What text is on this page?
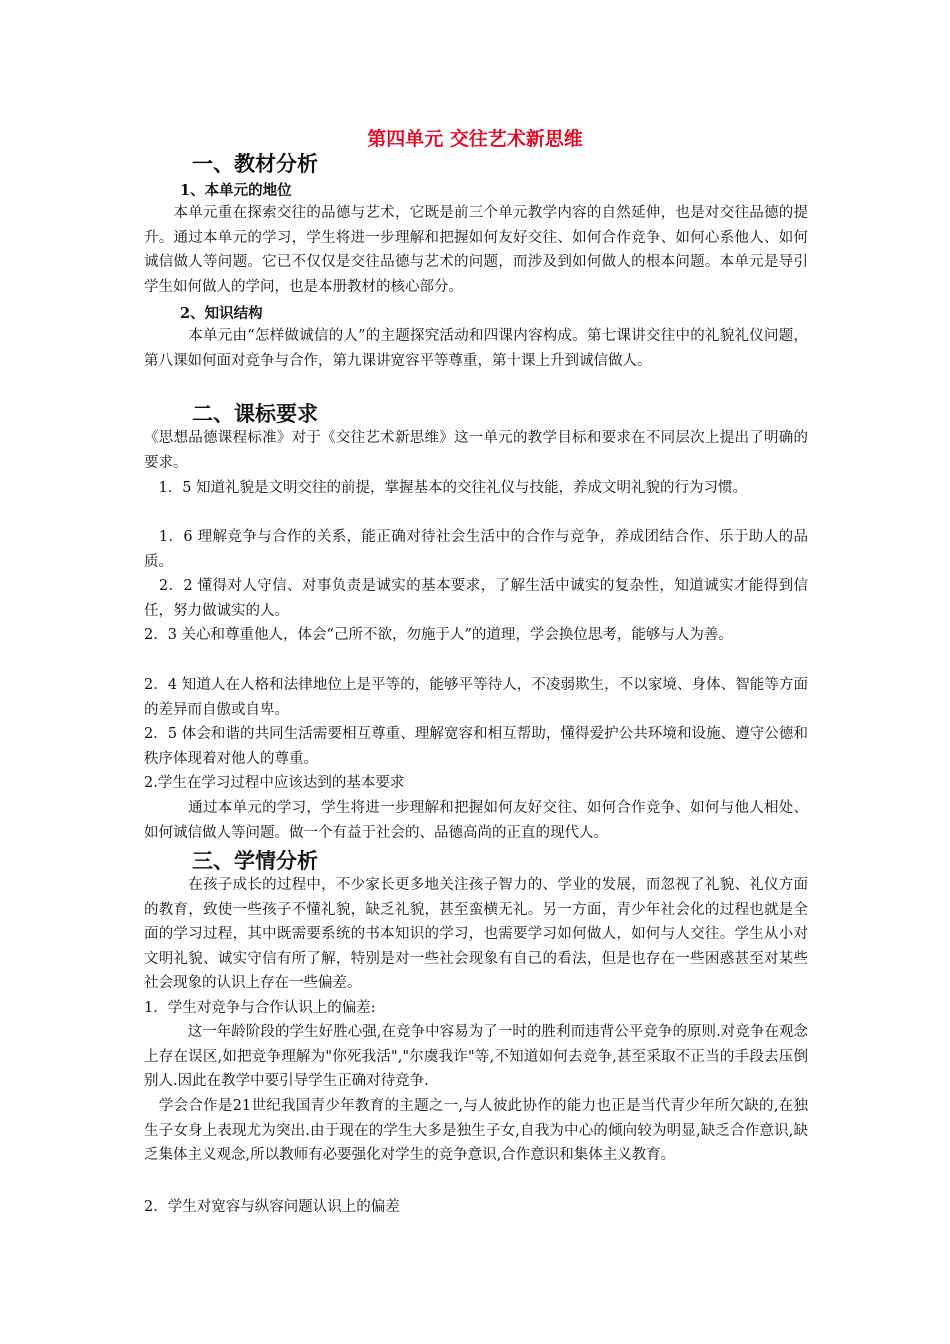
第四单元 交往艺术新思维
一、教材分析
1、本单元的地位

　　本单元重在探索交往的品德与艺术，它既是前三个单元教学内容的自然延伸，也是对交往品德的提升。通过本单元的学习，学生将进一步理解和把握如何友好交往、如何合作竞争、如何心系他人、如何诚信做人等问题。它已不仅仅是交往品德与艺术的问题，而涉及到如何做人的根本问题。本单元是导引学生如何做人的学问，也是本册教材的核心部分。

2、知识结构

　　　本单元由“怎样做诚信的人”的主题探究活动和四课内容构成。第七课讲交往中的礼貌礼仪问题，第八课如何面对竞争与合作，第九课讲宽容平等尊重，第十课上升到诚信做人。

二、课标要求

《思想品德课程标准》对于《交往艺术新思维》这一单元的教学目标和要求在不同层次上提出了明确的要求。

　1．5 知道礼貌是文明交往的前提，掌握基本的交往礼仪与技能，养成文明礼貌的行为习惯。

　1．6 理解竞争与合作的关系，能正确对待社会生活中的合作与竞争，养成团结合作、乐于助人的品质。

　2．2 懂得对人守信、对事负责是诚实的基本要求，了解生活中诚实的复杂性，知道诚实才能得到信任，努力做诚实的人。

2．3 关心和尊重他人，体会“己所不欲，勿施于人”的道理，学会换位思考，能够与人为善。

2．4 知道人在人格和法律地位上是平等的，能够平等待人，不凌弱欺生，不以家境、身体、智能等方面的差异而自傲或自卑。

2．5 体会和谐的共同生活需要相互尊重、理解宽容和相互帮助，懂得爱护公共环境和设施、遵守公德和秩序体现着对他人的尊重。

2.学生在学习过程中应该达到的基本要求

　　　通过本单元的学习，学生将进一步理解和把握如何友好交往、如何合作竞争、如何与他人相处、如何诚信做人等问题。做一个有益于社会的、品德高尚的正直的现代人。

三、学情分析

　　　在孩子成长的过程中，不少家长更多地关注孩子智力的、学业的发展，而忽视了礼貌、礼仪方面的教育，致使一些孩子不懂礼貌，缺乏礼貌，甚至蛮横无礼。另一方面，青少年社会化的过程也就是全面的学习过程，其中既需要系统的书本知识的学习，也需要学习如何做人，如何与人交往。学生从小对文明礼貌、诚实守信有所了解，特别是对一些社会现象有自己的看法，但是也存在一些困惑甚至对某些社会现象的认识上存在一些偏差。

1．学生对竞争与合作认识上的偏差:

　　　这一年龄阶段的学生好胜心强,在竞争中容易为了一时的胜利而违背公平竞争的原则.对竞争在观念上存在误区,如把竞争理解为"你死我活","尔虞我诈"等,不知道如何去竞争,甚至采取不正当的手段去压倒别人.因此在教学中要引导学生正确对待竞争.

　学会合作是21世纪我国青少年教育的主题之一,与人彼此协作的能力也正是当代青少年所欠缺的,在独生子女身上表现尤为突出.由于现在的学生大多是独生子女,自我为中心的倾向较为明显,缺乏合作意识,缺乏集体主义观念,所以教师有必要强化对学生的竞争意识,合作意识和集体主义教育。

2．学生对宽容与纵容问题认识上的偏差
